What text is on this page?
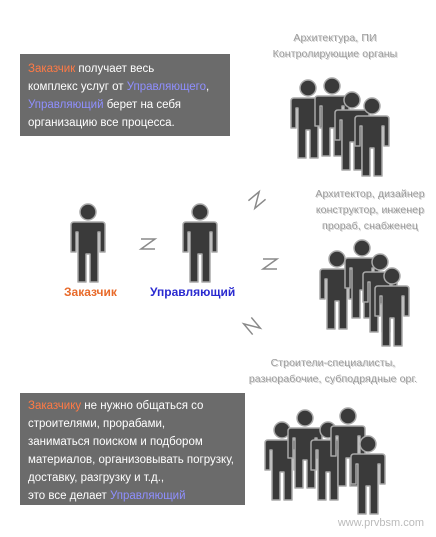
Заказчик получает весь
комплекс услуг от Управляющего,
Управляющий берет на себя
организацию все процесса.
Заказчику не нужно общаться со
строителями, прорабами,
заниматься поиском и подбором
материалов, организовывать погрузку,
доставку, разгрузку и т.д.,
это все делает Управляющий
Архитектура, ПИ
Контролирующие органы
Архитектор, дизайнер
конструктор, инженер
прораб, снабженец
Строители-специалисты,
разнорабочие, субподрядные орг.
Заказчик	Управляющий
www.prvbsm.com
